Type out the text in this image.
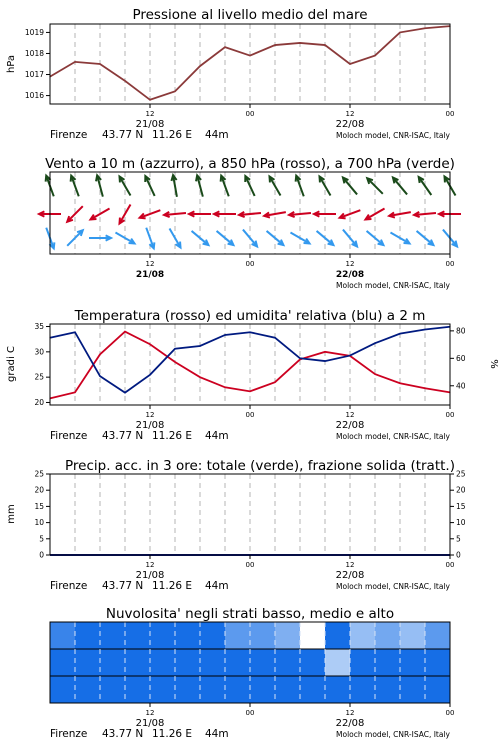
Pressione al livello medio del mare
Vento a 10 m (azzurro), a 850 hPa (rosso), a 700 hPa (verde)
Temperatura (rosso) ed umidita' relativa (blu) a 2 m
Precip. acc. in 3 ore: totale (verde), frazione solida (tratt.)
Nuvolosita' negli strati basso, medio e alto
hPa
gradi C	%
mm
1016
1017
1018
1019
12	00	12	00
21/08	22/08
Firenze 43.77 N 11.26 E 44m	Moloch model, CNR-ISAC, Italy
12	00	12	00
21/08	22/08
Moloch model, CNR-ISAC, Italy
20
25
30
35
40
60
80
12	00	12	00
21/08	22/08
Firenze 43.77 N 11.26 E 44m	Moloch model, CNR-ISAC, Italy
0	0
5	5
10	10
15	15
20	20
25	25
12	00	12	00
21/08	22/08
Firenze 43.77 N 11.26 E 44m	Moloch model, CNR-ISAC, Italy
12	00	12	00
21/08	22/08
Firenze 43.77 N 11.26 E 44m	Moloch model, CNR-ISAC, Italy
